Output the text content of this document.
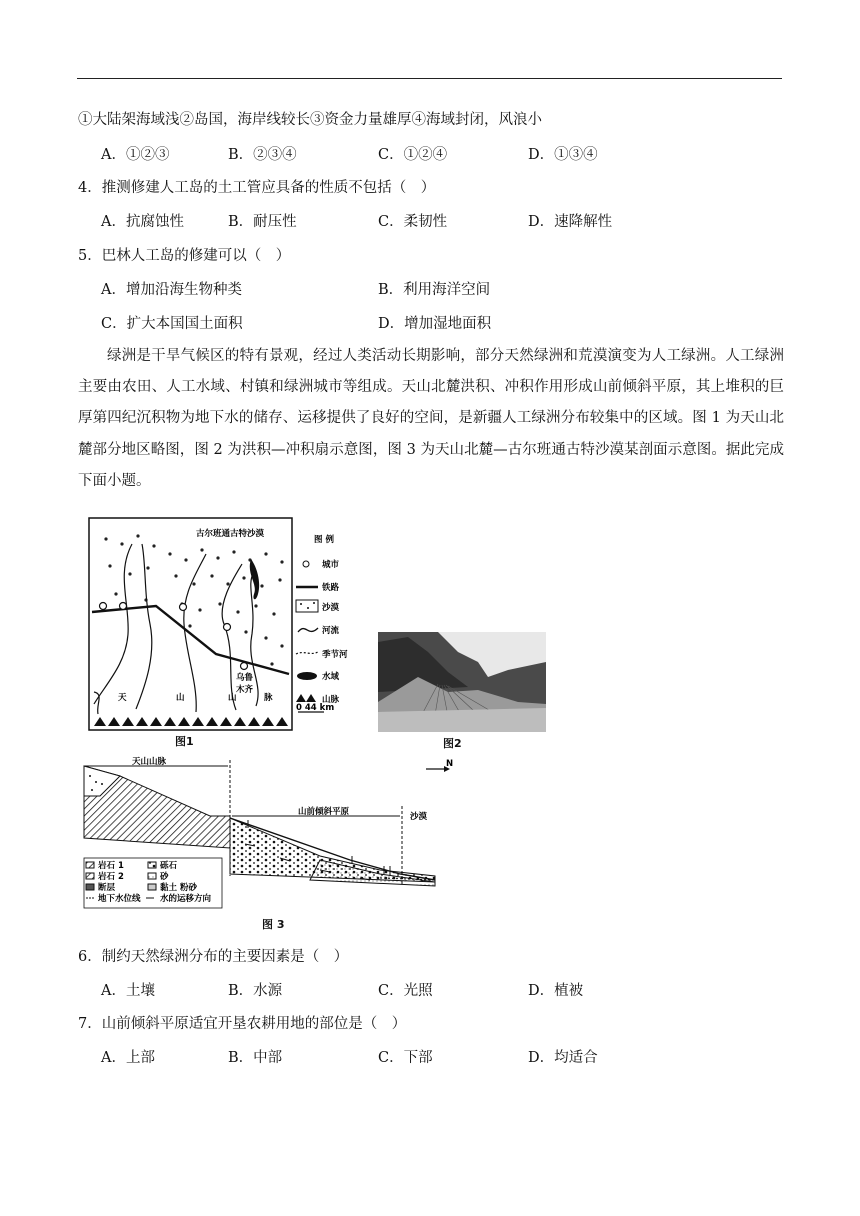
①大陆架海域浅②岛国，海岸线较长③资金力量雄厚④海域封闭，风浪小
A．①②③	B．②③④	C．①②④	D．①③④
4．推测修建人工岛的土工管应具备的性质不包括（　）
A．抗腐蚀性	B．耐压性	C．柔韧性	D．速降解性
5．巴林人工岛的修建可以（　）
A．增加沿海生物种类	B．利用海洋空间
C．扩大本国国土面积	D．增加湿地面积
绿洲是干旱气候区的特有景观，经过人类活动长期影响，部分天然绿洲和荒漠演变为人工绿洲。人工绿洲主要由农田、人工水域、村镇和绿洲城市等组成。天山北麓洪积、冲积作用形成山前倾斜平原，其上堆积的巨厚第四纪沉积物为地下水的储存、运移提供了良好的空间，是新疆人工绿洲分布较集中的区域。图 1 为天山北麓部分地区略图，图 2 为洪积—冲积扇示意图，图 3 为天山北麓—古尔班通古特沙漠某剖面示意图。据此完成下面小题。
古尔班通古特沙漠
乌鲁木齐
天	山	山	脉
图 例
城市
铁路
沙漠
河流
季节河
水域
山脉
0 44 km
图1	图2
天山山脉
山前倾斜平原	沙漠
N
岩石 1	砾石
岩石 2	砂
断层	黏土 粉砂
地下水位线 水的运移方向
图 3
6．制约天然绿洲分布的主要因素是（　）
A．土壤	B．水源	C．光照	D．植被
7．山前倾斜平原适宜开垦农耕用地的部位是（　）
A．上部	B．中部	C．下部	D．均适合
